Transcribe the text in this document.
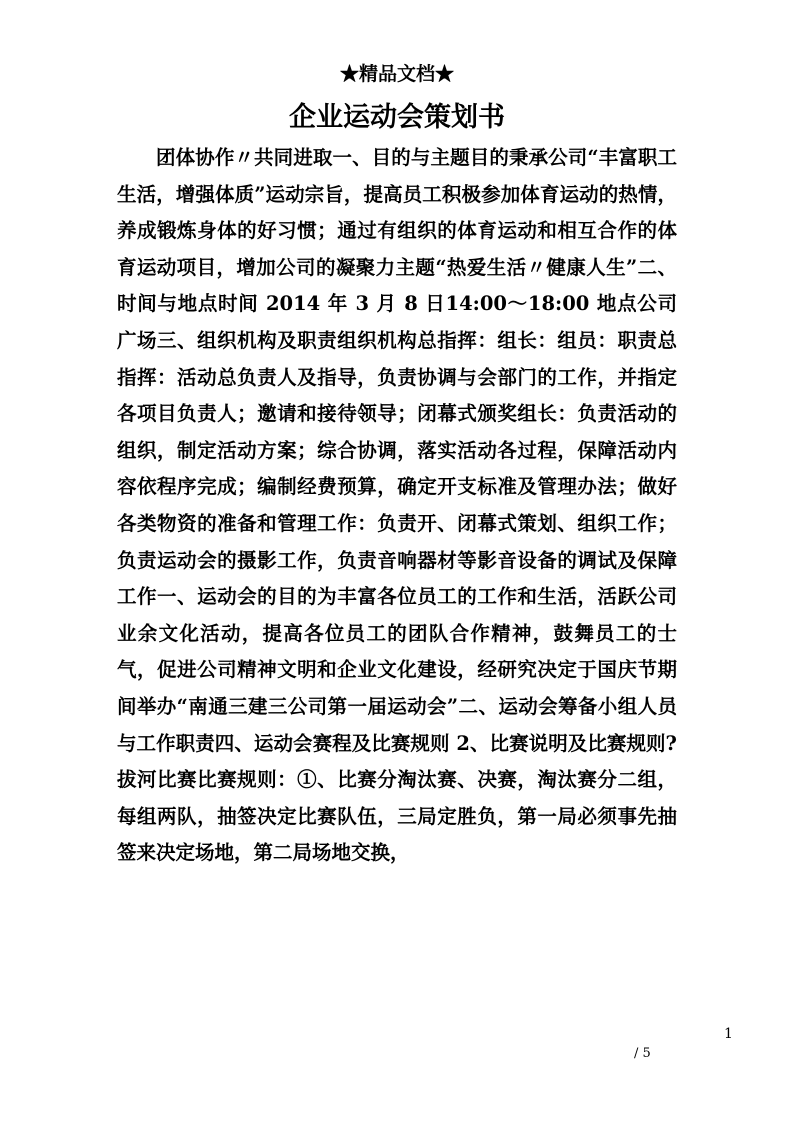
★精品文档★
企业运动会策划书

团体协作〃共同进取一、目的与主题目的秉承公司“丰富职工生活，增强体质”运动宗旨，提高员工积极参加体育运动的热情，养成锻炼身体的好习惯；通过有组织的体育运动和相互合作的体育运动项目，增加公司的凝聚力主题“热爱生活〃健康人生”二、时间与地点时间 2014 年 3 月 8 日14:00～18:00 地点公司广场三、组织机构及职责组织机构总指挥：组长：组员：职责总指挥：活动总负责人及指导，负责协调与会部门的工作，并指定各项目负责人；邀请和接待领导；闭幕式颁奖组长：负责活动的组织，制定活动方案；综合协调，落实活动各过程，保障活动内容依程序完成；编制经费预算，确定开支标准及管理办法；做好各类物资的准备和管理工作：负责开、闭幕式策划、组织工作；负责运动会的摄影工作，负责音响器材等影音设备的调试及保障工作一、运动会的目的为丰富各位员工的工作和生活，活跃公司业余文化活动，提高各位员工的团队合作精神，鼓舞员工的士气，促进公司精神文明和企业文化建设，经研究决定于国庆节期间举办“南通三建三公司第一届运动会”二、运动会筹备小组人员与工作职责四、运动会赛程及比赛规则 2、比赛说明及比赛规则?拔河比赛比赛规则：①、比赛分淘汰赛、决赛，淘汰赛分二组，每组两队，抽签决定比赛队伍，三局定胜负，第一局必须事先抽签来决定场地，第二局场地交换，

1
/ 5
